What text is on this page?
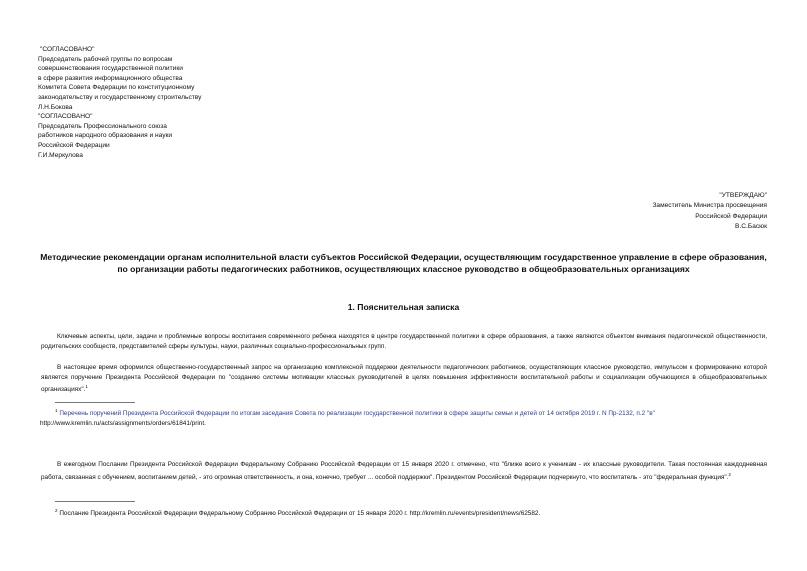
"СОГЛАСОВАНО"
Председатель рабочей группы по вопросам
совершенствования государственной политики
в сфере развития информационного общества
Комитета Совета Федерации по конституционному
законодательству и государственному строительству
Л.Н.Бокова
"СОГЛАСОВАНО"
Председатель Профессионального союза
работников народного образования и науки
Российской Федерации
Г.И.Меркулова
"УТВЕРЖДАЮ"
Заместитель Министра просвещения
Российской Федерации
В.С.Басюк
Методические рекомендации органам исполнительной власти субъектов Российской Федерации, осуществляющим государственное управление в сфере образования, по организации работы педагогических работников, осуществляющих классное руководство в общеобразовательных организациях
1. Пояснительная записка

Ключевые аспекты, цели, задачи и проблемные вопросы воспитания современного ребенка находятся в центре государственной политики в сфере образования, а также являются объектом внимания педагогической общественности, родительских сообществ, представителей сферы культуры, науки, различных социально-профессиональных групп.

В настоящее время оформился общественно-государственный запрос на организацию комплексной поддержки деятельности педагогических работников, осуществляющих классное руководство, импульсом к формированию которой является поручение Президента Российской Федерации по "созданию системы мотивации классных руководителей в целях повышения эффективности воспитательной работы и социализации обучающихся в общеобразовательных организациях".$^1$

$^1$ Перечень поручений Президента Российской Федерации по итогам заседания Совета по реализации государственной политики в сфере защиты семьи и детей от 14 октября 2019 г. N Пр-2132, п.2 "в"
http://www.kremlin.ru/acts/assignments/orders/61841/print.

В ежегодном Послании Президента Российской Федерации Федеральному Собранию Российской Федерации от 15 января 2020 г. отмечено, что "ближе всего к ученикам - их классные руководители. Такая постоянная каждодневная работа, связанная с обучением, воспитанием детей, - это огромная ответственность, и она, конечно, требует ... особой поддержки". Президентом Российской Федерации подчеркнуто, что воспитатель - это "федеральная функция".$^2$

$^2$ Послание Президента Российской Федерации Федеральному Собранию Российской Федерации от 15 января 2020 г. http://kremlin.ru/events/president/news/62582.
